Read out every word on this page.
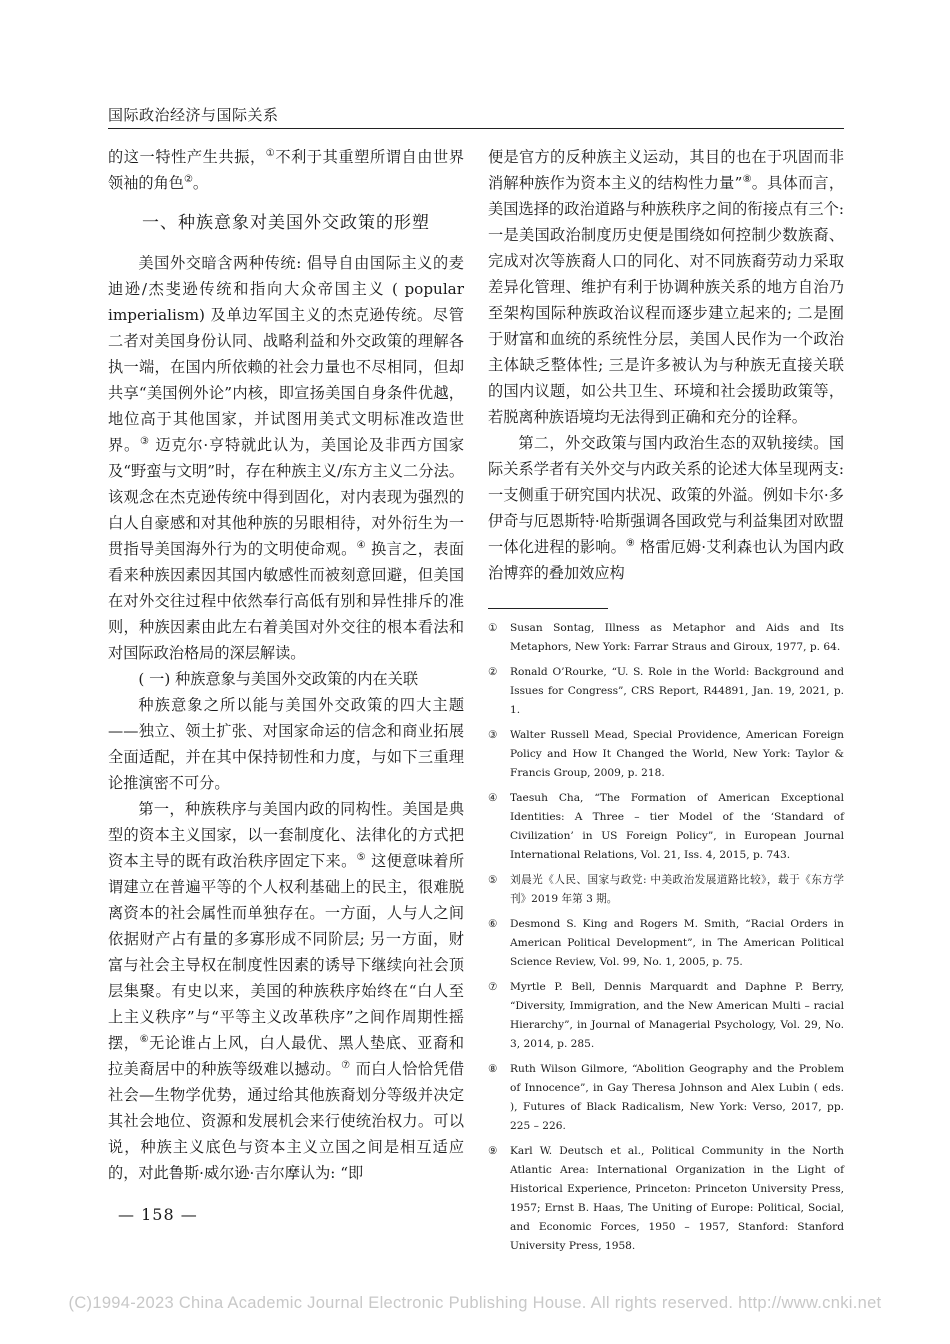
国际政治经济与国际关系

的这一特性产生共振，①不利于其重塑所谓自由世界领袖的角色②。

一、种族意象对美国外交政策的形塑

美国外交暗含两种传统: 倡导自由国际主义的麦迪逊/杰斐逊传统和指向大众帝国主义 ( popular imperialism) 及单边军国主义的杰克逊传统。尽管二者对美国身份认同、战略利益和外交政策的理解各执一端，在国内所依赖的社会力量也不尽相同，但却共享“美国例外论”内核，即宣扬美国自身条件优越，地位高于其他国家，并试图用美式文明标准改造世界。③ 迈克尔·亨特就此认为，美国论及非西方国家及“野蛮与文明”时，存在种族主义/东方主义二分法。该观念在杰克逊传统中得到固化，对内表现为强烈的白人自豪感和对其他种族的另眼相待，对外衍生为一贯指导美国海外行为的文明使命观。④ 换言之，表面看来种族因素因其国内敏感性而被刻意回避，但美国在对外交往过程中依然奉行高低有别和异性排斥的准则，种族因素由此左右着美国对外交往的根本看法和对国际政治格局的深层解读。

( 一) 种族意象与美国外交政策的内在关联

种族意象之所以能与美国外交政策的四大主题——独立、领土扩张、对国家命运的信念和商业拓展全面适配，并在其中保持韧性和力度，与如下三重理论推演密不可分。

第一，种族秩序与美国内政的同构性。美国是典型的资本主义国家，以一套制度化、法律化的方式把资本主导的既有政治秩序固定下来。⑤ 这便意味着所谓建立在普遍平等的个人权利基础上的民主，很难脱离资本的社会属性而单独存在。一方面，人与人之间依据财产占有量的多寡形成不同阶层; 另一方面，财富与社会主导权在制度性因素的诱导下继续向社会顶层集聚。有史以来，美国的种族秩序始终在“白人至上主义秩序”与“平等主义改革秩序”之间作周期性摇摆，⑥无论谁占上风，白人最优、黑人垫底、亚裔和拉美裔居中的种族等级难以撼动。⑦ 而白人恰恰凭借社会—生物学优势，通过给其他族裔划分等级并决定其社会地位、资源和发展机会来行使统治权力。可以说，种族主义底色与资本主义立国之间是相互适应的，对此鲁斯·威尔逊·吉尔摩认为: “即

便是官方的反种族主义运动，其目的也在于巩固而非消解种族作为资本主义的结构性力量”⑧。具体而言，美国选择的政治道路与种族秩序之间的衔接点有三个: 一是美国政治制度历史便是围绕如何控制少数族裔、完成对次等族裔人口的同化、对不同族裔劳动力采取差异化管理、维护有利于协调种族关系的地方自治乃至架构国际种族政治议程而逐步建立起来的; 二是囿于财富和血统的系统性分层，美国人民作为一个政治主体缺乏整体性; 三是许多被认为与种族无直接关联的国内议题，如公共卫生、环境和社会援助政策等，若脱离种族语境均无法得到正确和充分的诠释。

第二，外交政策与国内政治生态的双轨接续。国际关系学者有关外交与内政关系的论述大体呈现两支: 一支侧重于研究国内状况、政策的外溢。例如卡尔·多伊奇与厄恩斯特·哈斯强调各国政党与利益集团对欧盟一体化进程的影响。⑨ 格雷厄姆·艾利森也认为国内政治博弈的叠加效应构

①	Susan Sontag, Illness as Metaphor and Aids and Its Metaphors, New York: Farrar Straus and Giroux, 1977, p. 64.
②	Ronald O’Rourke, “U. S. Role in the World: Background and Issues for Congress”, CRS Report, R44891, Jan. 19, 2021, p. 1.
③	Walter Russell Mead, Special Providence, American Foreign Policy and How It Changed the World, New York: Taylor & Francis Group, 2009, p. 218.
④	Taesuh Cha, “The Formation of American Exceptional Identities: A Three – tier Model of the ‘Standard of Civilization’ in US Foreign Policy”, in European Journal International Relations, Vol. 21, Iss. 4, 2015, p. 743.
⑤	刘晨光《人民、国家与政党: 中美政治发展道路比较》，载于《东方学刊》2019 年第 3 期。
⑥	Desmond S. King and Rogers M. Smith, “Racial Orders in American Political Development”, in The American Political Science Review, Vol. 99, No. 1, 2005, p. 75.
⑦	Myrtle P. Bell, Dennis Marquardt and Daphne P. Berry, “Diversity, Immigration, and the New American Multi – racial Hierarchy”, in Journal of Managerial Psychology, Vol. 29, No. 3, 2014, p. 285.
⑧	Ruth Wilson Gilmore, “Abolition Geography and the Problem of Innocence”, in Gay Theresa Johnson and Alex Lubin ( eds. ), Futures of Black Radicalism, New York: Verso, 2017, pp. 225 – 226.
⑨	Karl W. Deutsch et al., Political Community in the North Atlantic Area: International Organization in the Light of Historical Experience, Princeton: Princeton University Press, 1957; Ernst B. Haas, The Uniting of Europe: Political, Social, and Economic Forces, 1950 – 1957, Stanford: Stanford University Press, 1958.
— 158 —
(C)1994-2023 China Academic Journal Electronic Publishing House. All rights reserved. http://www.cnki.net
